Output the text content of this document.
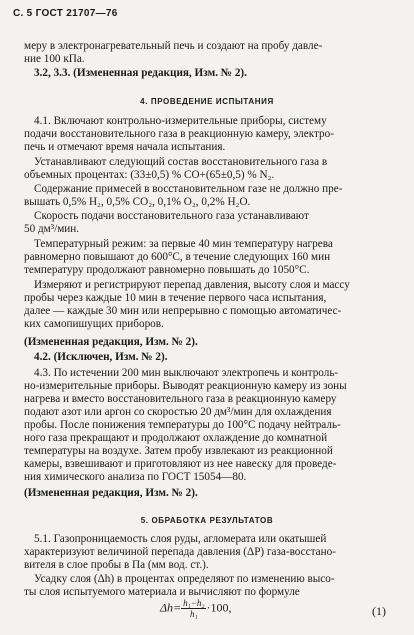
С. 5 ГОСТ 21707—76
меру в электронагревательный печь и создают на пробу давле-
ние 100 кПа.
3.2, 3.3. (Измененная редакция, Изм. № 2).
4. ПРОВЕДЕНИЕ ИСПЫТАНИЯ
4.1. Включают контрольно-измерительные приборы, систему
подачи восстановительного газа в реакционную камеру, электро-
печь и отмечают время начала испытания.
Устанавливают следующий состав восстановительного газа в
объемных процентах: (33±0,5) % CO+(65±0,5) % N₂.
Содержание примесей в восстановительном газе не должно пре-
вышать 0,5% H₂, 0,5% CO₂, 0,1% O₂, 0,2% H₂O.
Скорость подачи восстановительного газа устанавливают
50 дм³/мин.
Температурный режим: за первые 40 мин температуру нагрева
равномерно повышают до 600°С, в течение следующих 160 мин
температуру продолжают равномерно повышать до 1050°С.
Измеряют и регистрируют перепад давления, высоту слоя и массу
пробы через каждые 10 мин в течение первого часа испытания,
далее — каждые 30 мин или непрерывно с помощью автоматичес-
ких самопишущих приборов.
(Измененная редакция, Изм. № 2).
4.2. (Исключен, Изм. № 2).
4.3. По истечении 200 мин выключают электропечь и контроль-
но-измерительные приборы. Выводят реакционную камеру из зоны
нагрева и вместо восстановительного газа в реакционную камеру
подают азот или аргон со скоростью 20 дм³/мин для охлаждения
пробы. После понижения температуры до 100°С подачу нейтраль-
ного газа прекращают и продолжают охлаждение до комнатной
температуры на воздухе. Затем пробу извлекают из реакционной
камеры, взвешивают и приготовляют из нее навеску для проведе-
ния химического анализа по ГОСТ 15054—80.
(Измененная редакция, Изм. № 2).
5. ОБРАБОТКА РЕЗУЛЬТАТОВ
5.1. Газопроницаемость слоя руды, агломерата или окатышей
характеризуют величиной перепада давления (ΔP) газа-восстано-
вителя в слое пробы в Па (мм вод. ст.).
Усадку слоя (Δh) в процентах определяют по изменению высо-
ты слоя испытуемого материала и вычисляют по формуле
$\Delta h= \frac{\text{h₁−h₂}}{\text{h₁}} \cdot 100$,	(1)
